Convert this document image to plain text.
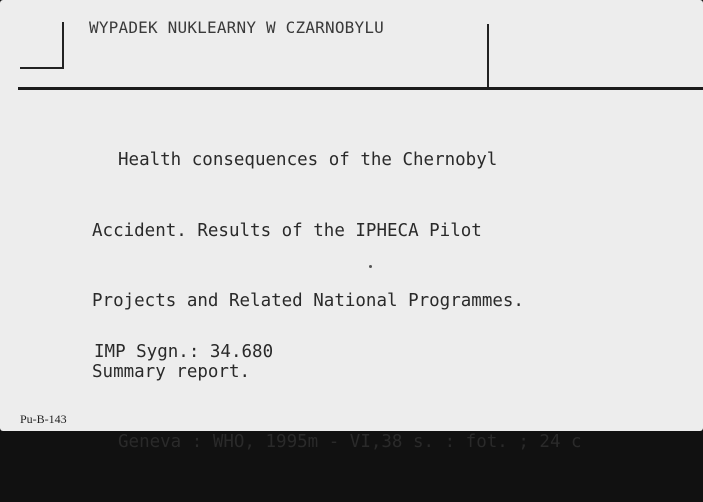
WYPADEK NUKLEARNY W CZARNOBYLU

Health consequences of the Chernobyl

Accident. Results of the IPHECA Pilot

Projects and Related National Programmes.

Summary report.

Geneva : WHO, 1995m - VI,38 s. : fot. ; 24 c

IMP Sygn.: 34.680
Pu-B-143
